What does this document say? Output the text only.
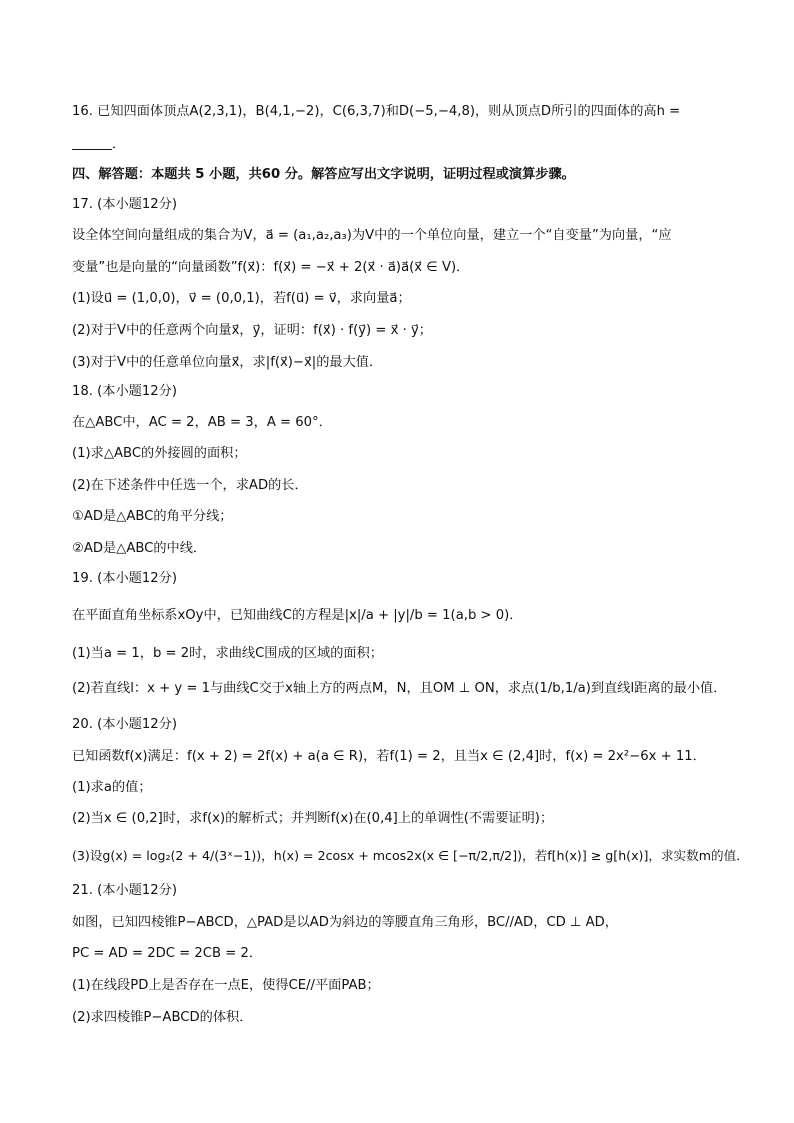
16. 已知四面体顶点A(2,3,1)，B(4,1,−2)，C(6,3,7)和D(−5,−4,8)，则从顶点D所引的四面体的高h =
．
四、解答题：本题共 5 小题，共60 分。解答应写出文字说明，证明过程或演算步骤。
17. (本小题12分)
设全体空间向量组成的集合为V，a⃗ = (a₁,a₂,a₃)为V中的一个单位向量，建立一个“自变量”为向量，“应
变量”也是向量的“向量函数”f(x⃗)：f(x⃗) = −x⃗ + 2(x⃗ · a⃗)a⃗(x⃗ ∈ V)．
(1)设u⃗ = (1,0,0)，v⃗ = (0,0,1)，若f(u⃗) = v⃗，求向量a⃗；
(2)对于V中的任意两个向量x⃗，y⃗，证明：f(x⃗) · f(y⃗) = x⃗ · y⃗；
(3)对于V中的任意单位向量x⃗，求|f(x⃗)−x⃗|的最大值．
18. (本小题12分)
在△ABC中，AC = 2，AB = 3，A = 60°．
(1)求△ABC的外接圆的面积；
(2)在下述条件中任选一个，求AD的长．
①AD是△ABC的角平分线；
②AD是△ABC的中线．
19. (本小题12分)
在平面直角坐标系xOy中，已知曲线C的方程是|x|/a + |y|/b = 1(a,b > 0)．
(1)当a = 1，b = 2时，求曲线C围成的区域的面积；
(2)若直线l：x + y = 1与曲线C交于x轴上方的两点M，N，且OM ⊥ ON，求点(1/b,1/a)到直线l距离的最小值．
20. (本小题12分)
已知函数f(x)满足：f(x + 2) = 2f(x) + a(a ∈ R)，若f(1) = 2，且当x ∈ (2,4]时，f(x) = 2x²−6x + 11．
(1)求a的值；
(2)当x ∈ (0,2]时，求f(x)的解析式；并判断f(x)在(0,4]上的单调性(不需要证明)；
(3)设g(x) = log₂(2 + 4/(3ˣ−1))，h(x) = 2cosx + mcos2x(x ∈ [−π/2,π/2])，若f[h(x)] ≥ g[h(x)]，求实数m的值．
21. (本小题12分)
如图，已知四棱锥P−ABCD，△PAD是以AD为斜边的等腰直角三角形，BC//AD，CD ⊥ AD，
PC = AD = 2DC = 2CB = 2．
(1)在线段PD上是否存在一点E，使得CE//平面PAB；
(2)求四棱锥P−ABCD的体积．
